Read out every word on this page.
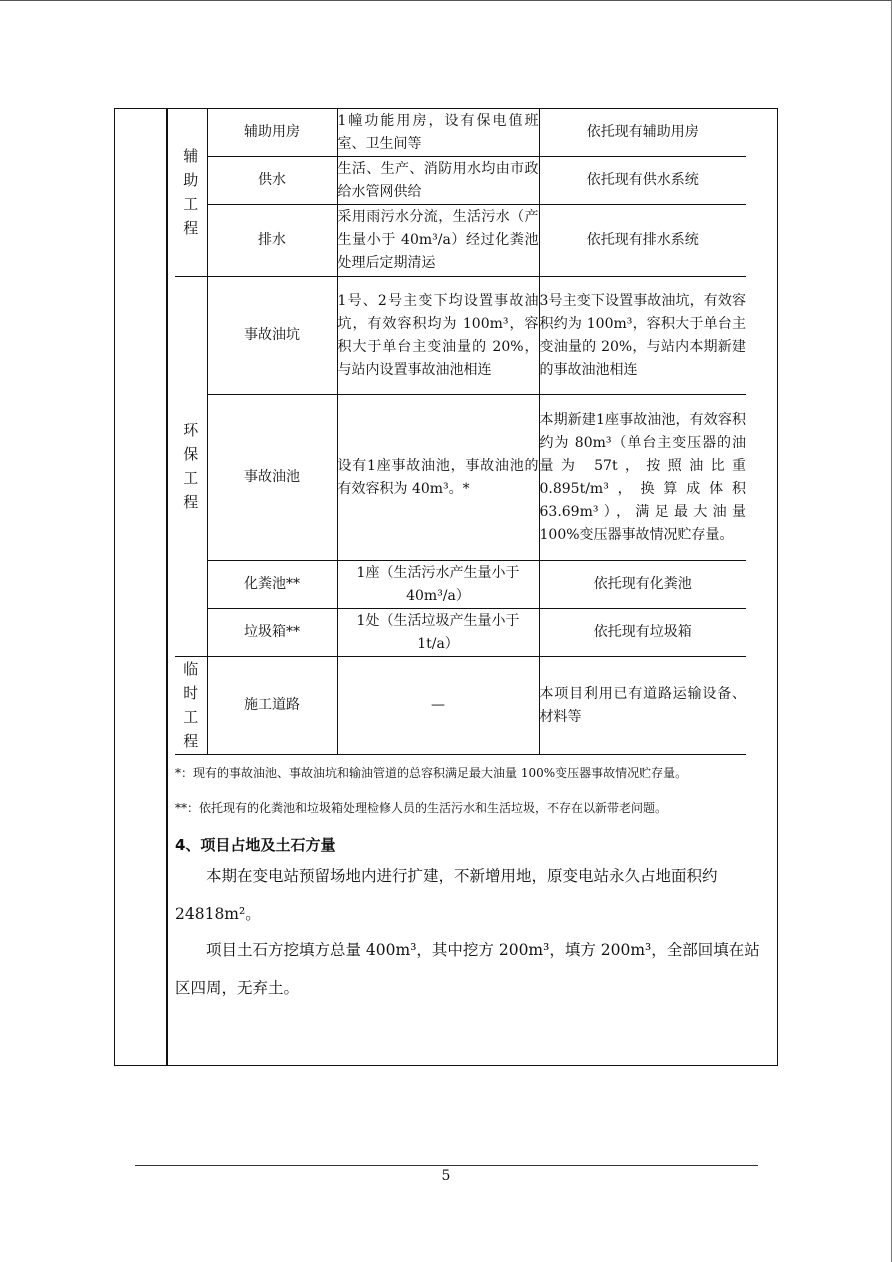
辅助工程	辅助用房	1幢功能用房，设有保电值班室、卫生间等	依托现有辅助用房
	供水	生活、生产、消防用水均由市政给水管网供给	依托现有供水系统
	排水	采用雨污水分流，生活污水（产生量小于 40m³/a）经过化粪池处理后定期清运	依托现有排水系统
环保工程	事故油坑	1号、2号主变下均设置事故油坑，有效容积均为 100m³，容积大于单台主变油量的 20%，与站内设置事故油池相连	3号主变下设置事故油坑，有效容积约为 100m³，容积大于单台主变油量的 20%，与站内本期新建的事故油池相连
	事故油池	设有1座事故油池，事故油池的有效容积为 40m³。*	本期新建1座事故油池，有效容积约为 80m³（单台主变压器的油量为 57t，按照油比重 0.895t/m³，换算成体积 63.69m³），满足最大油量 100%变压器事故情况贮存量。
	化粪池**	1座（生活污水产生量小于 40m³/a）	依托现有化粪池
	垃圾箱**	1处（生活垃圾产生量小于 1t/a）	依托现有垃圾箱
临时工程	施工道路	—	本项目利用已有道路运输设备、材料等
*：现有的事故油池、事故油坑和输油管道的总容积满足最大油量 100%变压器事故情况贮存量。
**：依托现有的化粪池和垃圾箱处理检修人员的生活污水和生活垃圾，不存在以新带老问题。
4、项目占地及土石方量
本期在变电站预留场地内进行扩建，不新增用地，原变电站永久占地面积约 24818m²。
项目土石方挖填方总量 400m³，其中挖方 200m³，填方 200m³，全部回填在站区四周，无弃土。
5
